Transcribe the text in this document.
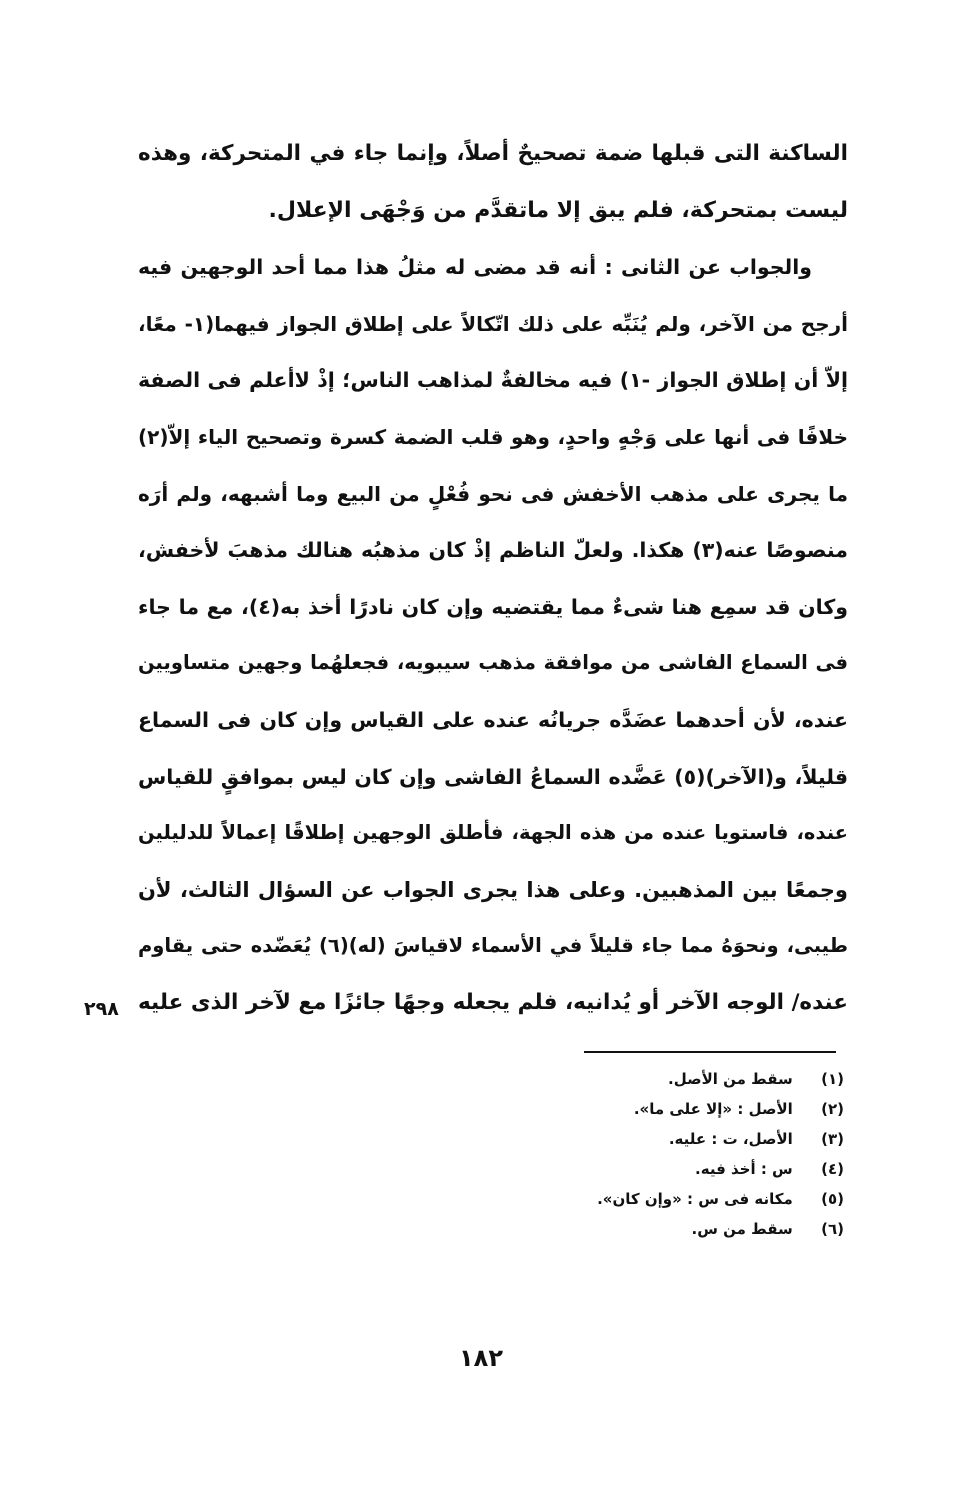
الساكنة التى قبلها ضمة تصحيحٌ أصلاً، وإنما جاء في المتحركة، وهذه
ليست بمتحركة، فلم يبق إلا ماتقدَّم من وَجْهَى الإعلال.
والجواب عن الثانى : أنه قد مضى له مثلُ هذا مما أحد الوجهين فيه
أرجح من الآخر، ولم يُنَبِّه على ذلك اتّكالاً على إطلاق الجواز فيهما(١- معًا،
إلاّ أن إطلاق الجواز -١) فيه مخالفةٌ لمذاهب الناس؛ إذْ لاأعلم فى الصفة
خلافًا فى أنها على وَجْهٍ واحدٍ، وهو قلب الضمة كسرة وتصحيح الياء إلاّ(٢)
ما يجرى على مذهب الأخفش فى نحو فُعْلٍ من البيع وما أشبهه، ولم أرَه
منصوصًا عنه(٣) هكذا. ولعلّ الناظم إذْ كان مذهبُه هنالك مذهبَ لأخفش،
وكان قد سمِع هنا شىءٌ مما يقتضيه وإن كان نادرًا أخذ به(٤)، مع ما جاء
فى السماع الفاشى من موافقة مذهب سيبويه، فجعلهُما وجهين متساويين
عنده، لأن أحدهما عضَدَّه جريانُه عنده على القياس وإن كان فى السماع
قليلاً، و(الآخر)(٥) عَضَّده السماعُ الفاشى وإن كان ليس بموافقٍ للقياس
عنده، فاستويا عنده من هذه الجهة، فأطلق الوجهين إطلاقًا إعمالاً للدليلين
وجمعًا بين المذهبين. وعلى هذا يجرى الجواب عن السؤال الثالث، لأن
طيبى، ونحوَهُ مما جاء قليلاً في الأسماء لاقياسَ (له)(٦) يُعَضّده حتى يقاوم
عنده/ الوجه الآخر أو يُدانيه، فلم يجعله وجهًا جائزًا مع لآخر الذى عليه
٢٩٨
(١) سقط من الأصل.
(٢) الأصل : «إلا على ما».
(٣) الأصل، ت : عليه.
(٤) س : أخذ فيه.
(٥) مكانه فى س : «وإن كان».
(٦) سقط من س.
١٨٢
